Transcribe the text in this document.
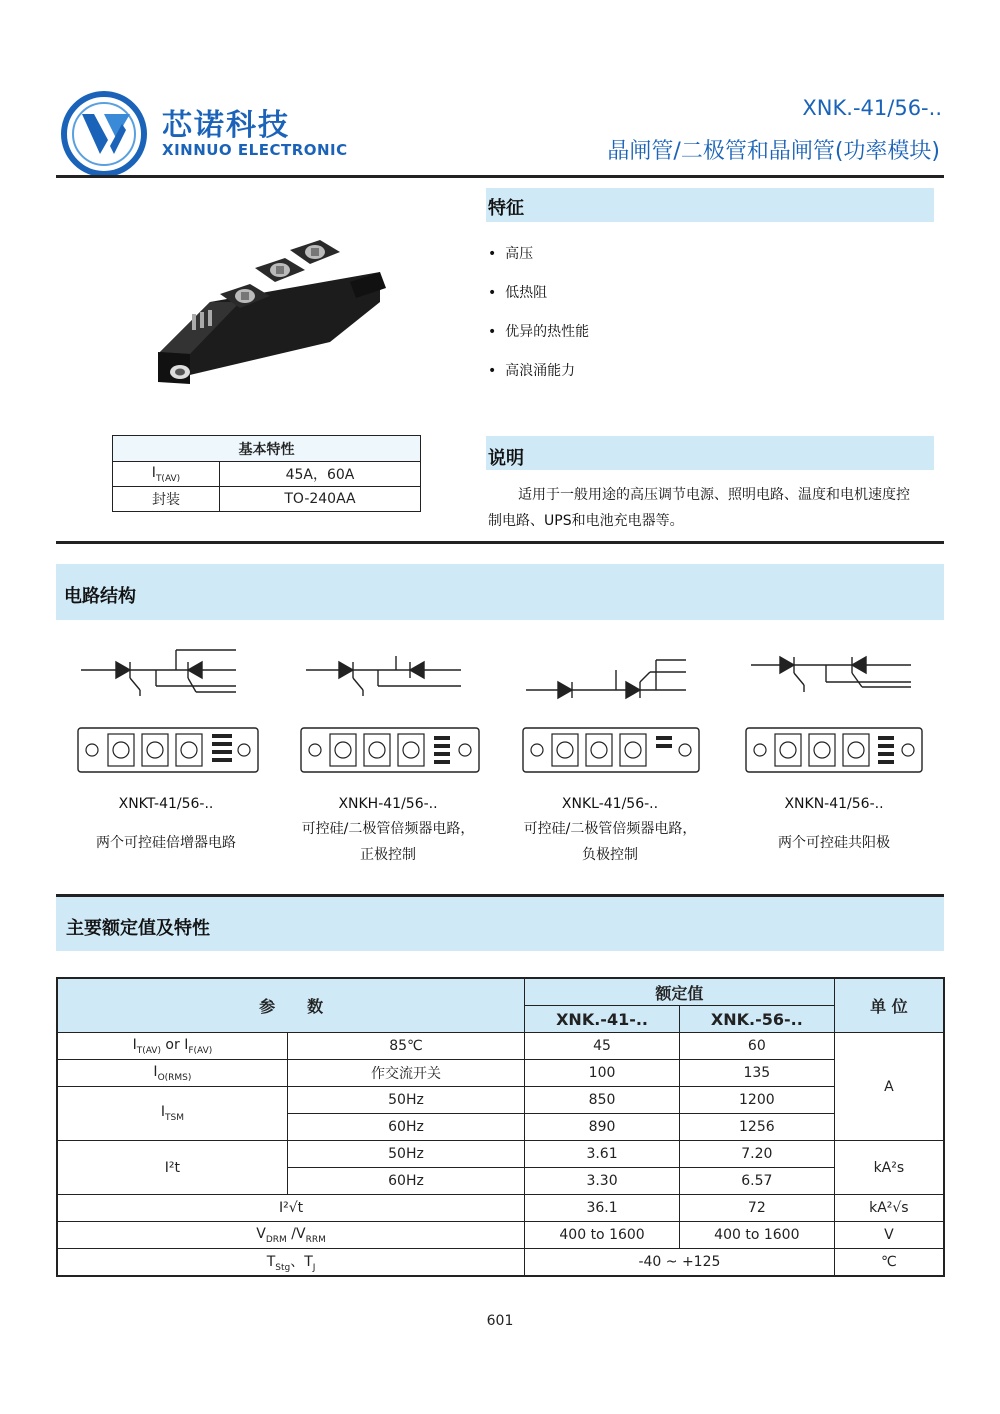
芯诺科技
XINNUO ELECTRONIC
XNK.-41/56-..
晶闸管/二极管和晶闸管(功率模块)
特征
•  高压
•  低热阻
•  优异的热性能
•  高浪涌能力
基本特性	
$I_{T(AV)}$	45A，60A
封装	TO-240AA
说明
适用于一般用途的高压调节电源、照明电路、温度和电机速度控
制电路、UPS和电池充电器等。
电路结构
XNKT-41/56-..
两个可控硅倍增器电路
XNKH-41/56-..
可控硅/二极管倍频器电路，
正极控制
XNKL-41/56-..
可控硅/二极管倍频器电路，
负极控制
XNKN-41/56-..
两个可控硅共阳极
主要额定值及特性
参　　数		额定值		单 位
		XNK.-41-..	XNK.-56-..	
$I_{T(AV)}$ or $I_{F(AV)}$	85℃	45	60	A
$I_{O(RMS)}$	作交流开关	100	135	
$I_{TSM}$	50Hz	850	1200	
	60Hz	890	1256	
I²t	50Hz	3.61	7.20	kA²s
	60Hz	3.30	6.57	
I²√t		36.1	72	kA²√s
$V_{DRM}$ $/V_{RRM}$		400 to 1600	400 to 1600	V
$T_{Stg}$、$T_J$		-40 ~ +125		℃
601
